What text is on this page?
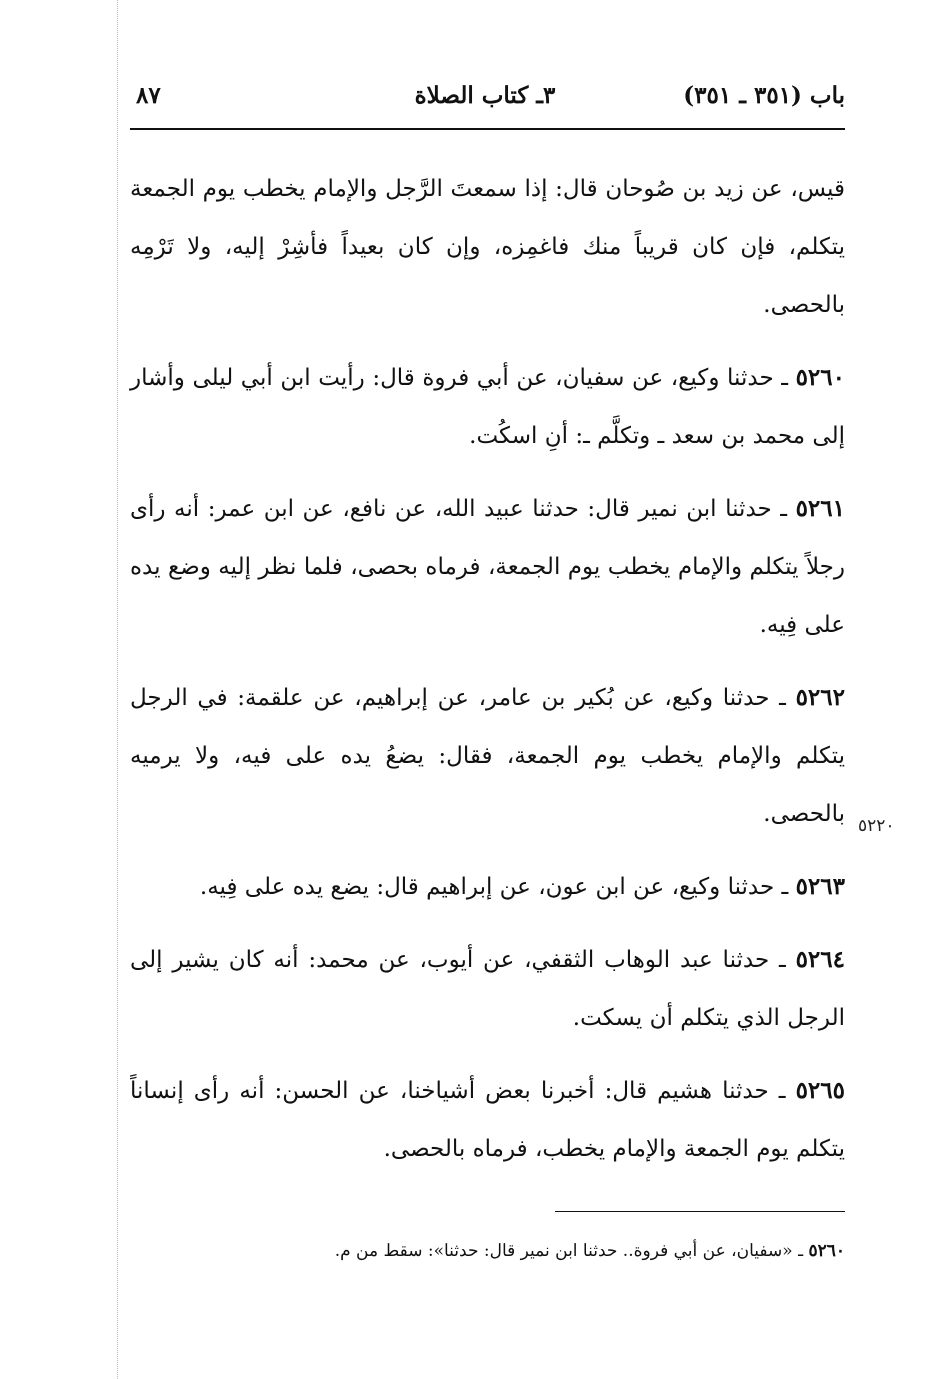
باب (٣٥١ ـ ٣٥١)
٣ـ كتاب الصلاة
٨٧

قيس، عن زيد بن صُوحان قال: إذا سمعتَ الرَّجل والإمام يخطب يوم الجمعة يتكلم، فإن كان قريباً منك فاغمِزه، وإن كان بعيداً فأشِرْ إليه، ولا تَرْمِه بالحصى.

٥٢٦٠ ـ حدثنا وكيع، عن سفيان، عن أبي فروة قال: رأيت ابن أبي ليلى وأشار إلى محمد بن سعد ـ وتكلَّم ـ: أنِ اسكُت.

٥٢٦١ ـ حدثنا ابن نمير قال: حدثنا عبيد الله، عن نافع، عن ابن عمر: أنه رأى رجلاً يتكلم والإمام يخطب يوم الجمعة، فرماه بحصى، فلما نظر إليه وضع يده على فِيه.

٥٢٦٢ ـ حدثنا وكيع، عن بُكير بن عامر، عن إبراهيم، عن علقمة: في الرجل يتكلم والإمام يخطب يوم الجمعة، فقال: يضعُ يده على فيه، ولا يرميه بالحصى.

٥٢٦٣ ـ حدثنا وكيع، عن ابن عون، عن إبراهيم قال: يضع يده على فِيه.

٥٢٦٤ ـ حدثنا عبد الوهاب الثقفي، عن أيوب، عن محمد: أنه كان يشير إلى الرجل الذي يتكلم أن يسكت.

٥٢٦٥ ـ حدثنا هشيم قال: أخبرنا بعض أشياخنا، عن الحسن: أنه رأى إنساناً يتكلم يوم الجمعة والإمام يخطب، فرماه بالحصى.

٥٢٢٠
٥٢٦٠ ـ «سفيان، عن أبي فروة.. حدثنا ابن نمير قال: حدثنا»: سقط من م.
